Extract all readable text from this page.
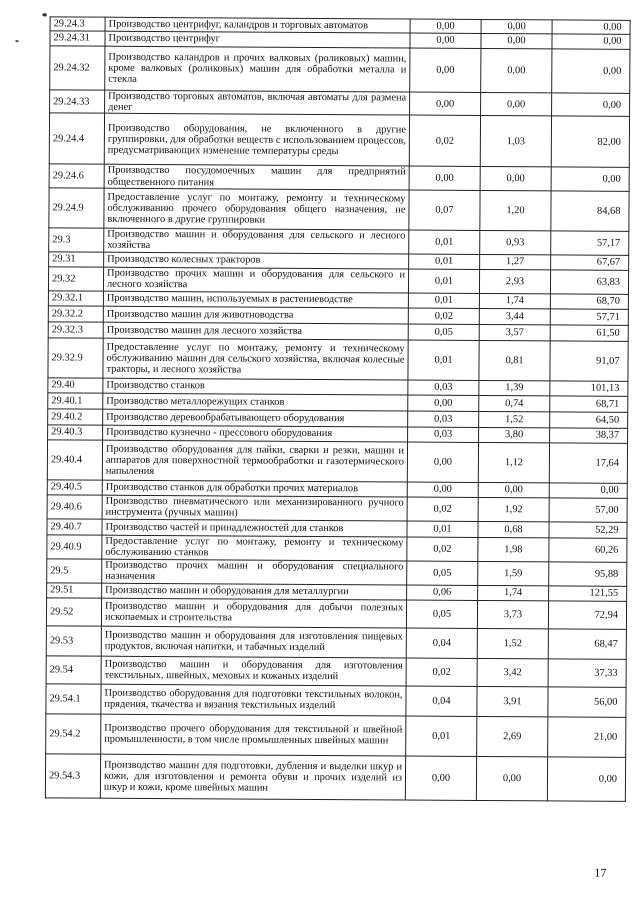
29.24.3	Производство центрифуг, каландров и торговых автоматов	0,00	0,00	0,00
29.24.31	Производство центрифуг	0,00	0,00	0,00
29.24.32	Производство каландров и прочих валковых (роликовых) машин, кроме валковых (роликовых) машин для обработки металла и стекла	0,00	0,00	0,00
29.24.33	Производство торговых автоматов, включая автоматы для размена денег	0,00	0,00	0,00
29.24.4	Производство оборудования, не включенного в другие группировки, для обработки веществ с использованием процессов, предусматривающих изменение температуры среды	0,02	1,03	82,00
29.24.6	Производство посудомоечных машин для предприятий общественного питания	0,00	0,00	0,00
29.24.9	Предоставление услуг по монтажу, ремонту и техническому обслуживанию прочего оборудования общего назначения, не включенного в другие группировки	0,07	1,20	84,68
29.3	Производство машин и оборудования для сельского и лесного хозяйства	0,01	0,93	57,17
29.31	Производство колесных тракторов	0,01	1,27	67,67
29.32	Производство прочих машин и оборудования для сельского и лесного хозяйства	0,01	2,93	63,83
29.32.1	Производство машин, используемых в растениеводстве	0,01	1,74	68,70
29.32.2	Производство машин для животноводства	0,02	3,44	57,71
29.32.3	Производство машин для лесного хозяйства	0,05	3,57	61,50
29.32.9	Предоставление услуг по монтажу, ремонту и техническому обслуживанию машин для сельского хозяйства, включая колесные тракторы, и лесного хозяйства	0,01	0,81	91,07
29.40	Производство станков	0,03	1,39	101,13
29.40.1	Производство металлорежущих станков	0,00	0,74	68,71
29.40.2	Производство деревообрабатывающего оборудования	0,03	1,52	64,50
29.40.3	Производство кузнечно - прессового оборудования	0,03	3,80	38,37
29.40.4	Производство оборудования для пайки, сварки и резки, машин и аппаратов для поверхностной термообработки и газотермического напыления	0,00	1,12	17,64
29.40.5	Производство станков для обработки прочих материалов	0,00	0,00	0,00
29.40.6	Производство пневматического или механизированного ручного инструмента (ручных машин)	0,02	1,92	57,00
29.40.7	Производство частей и принадлежностей для станков	0,01	0,68	52,29
29.40.9	Предоставление услуг по монтажу, ремонту и техническому обслуживанию станков	0,02	1,98	60,26
29.5	Производство прочих машин и оборудования специального назначения	0,05	1,59	95,88
29.51	Производство машин и оборудования для металлургии	0,06	1,74	121,55
29.52	Производство машин и оборудования для добычи полезных ископаемых и строительства	0,05	3,73	72,94
29.53	Производство машин и оборудования для изготовления пищевых продуктов, включая напитки, и табачных изделий	0,04	1,52	68,47
29.54	Производство машин и оборудования для изготовления текстильных, швейных, меховых и кожаных изделий	0,02	3,42	37,33
29.54.1	Производство оборудования для подготовки текстильных волокон, прядения, ткачества и вязания текстильных изделий	0,04	3,91	56,00
29.54.2	Производство прочего оборудования для текстильной и швейной промышленности, в том числе промышленных швейных машин	0,01	2,69	21,00
29.54.3	Производство машин для подготовки, дубления и выделки шкур и кожи, для изготовления и ремонта обуви и прочих изделий из шкур и кожи, кроме швейных машин	0,00	0,00	0,00
17
